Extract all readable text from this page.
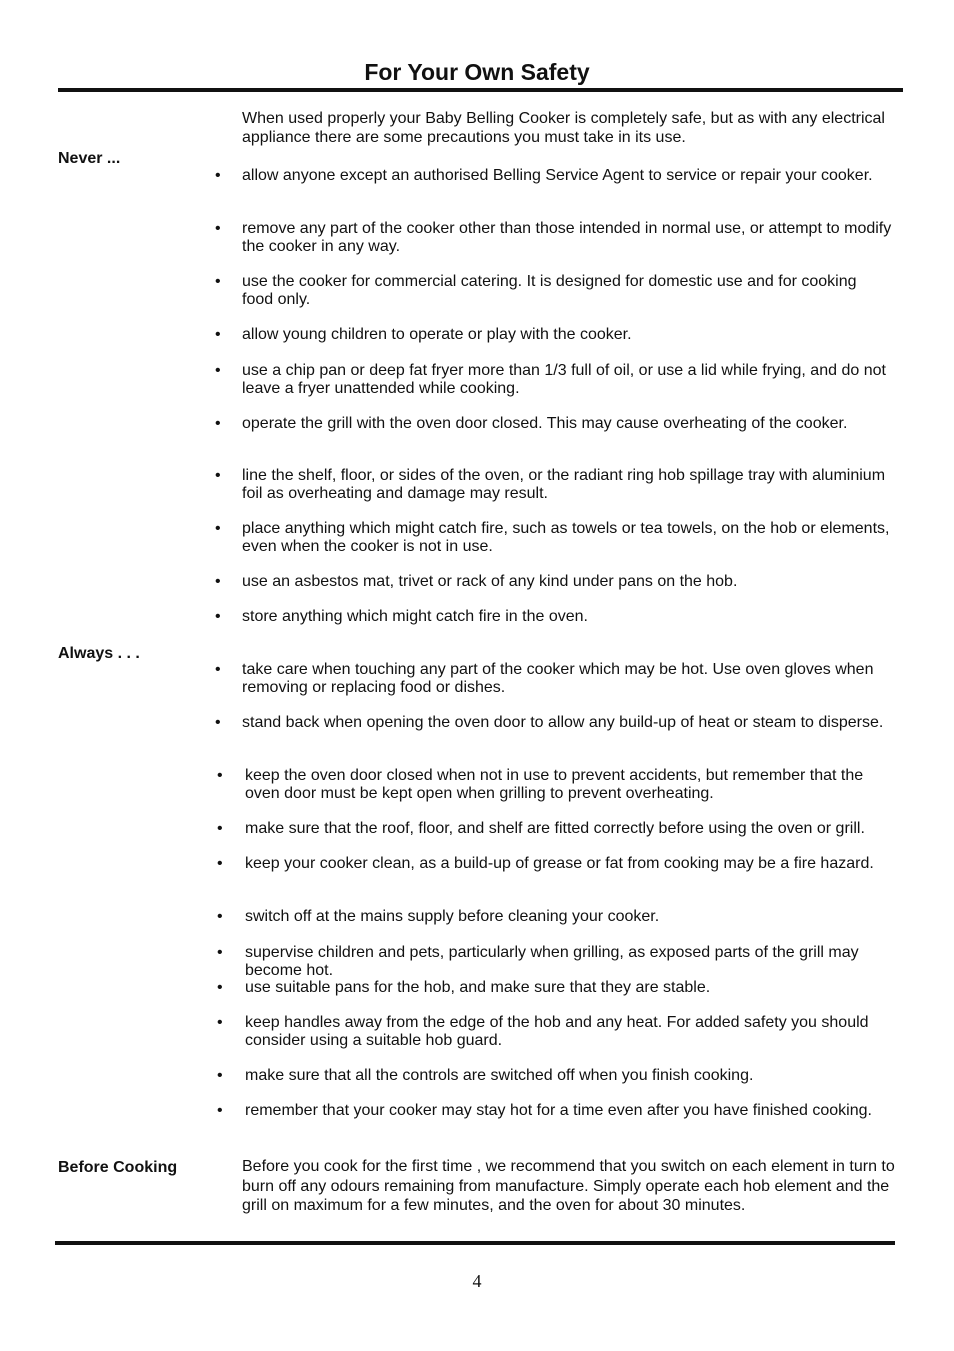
For Your Own Safety
When used properly your Baby Belling Cooker is completely safe, but as with any electrical appliance there are some precautions you must take in its use.
Never ...
• allow anyone except an authorised Belling Service Agent to service or repair your cooker.
• remove any part of the cooker other than those intended in normal use, or attempt to modify the cooker in any way.
• use the cooker for commercial catering. It is designed for domestic use and for cooking food only.
• allow young children to operate or play with the cooker.
• use a chip pan or deep fat fryer more than 1/3 full of oil, or use a lid while frying, and do not leave a fryer unattended while cooking.
• operate the grill with the oven door closed. This may cause overheating of the cooker.
• line the shelf, floor, or sides of the oven, or the radiant ring hob spillage tray with aluminium foil as overheating and damage may result.
• place anything which might catch fire, such as towels or tea towels, on the hob or elements, even when the cooker is not in use.
• use an asbestos mat, trivet or rack of any kind under pans on the hob.
• store anything which might catch fire in the oven.
Always . . .
• take care when touching any part of the cooker which may be hot. Use oven gloves when removing or replacing food or dishes.
• stand back when opening the oven door to allow any build-up of heat or steam to disperse.
• keep the oven door closed when not in use to prevent accidents, but remember that the oven door must be kept open when grilling to prevent overheating.
• make sure that the roof, floor, and shelf are fitted correctly before using the oven or grill.
• keep your cooker clean, as a build-up of grease or fat from cooking may be a fire hazard.
• switch off at the mains supply before cleaning your cooker.
• supervise children and pets, particularly when grilling, as exposed parts of the grill may become hot.
• use suitable pans for the hob, and make sure that they are stable.
• keep handles away from the edge of the hob and any heat. For added safety you should consider using a suitable hob guard.
• make sure that all the controls are switched off when you finish cooking.
• remember that your cooker may stay hot for a time even after you have finished cooking.
Before Cooking	Before you cook for the first time , we recommend that you switch on each element in turn to burn off any odours remaining from manufacture. Simply operate each hob element and the grill on maximum for a few minutes, and the oven for about 30 minutes.
4
